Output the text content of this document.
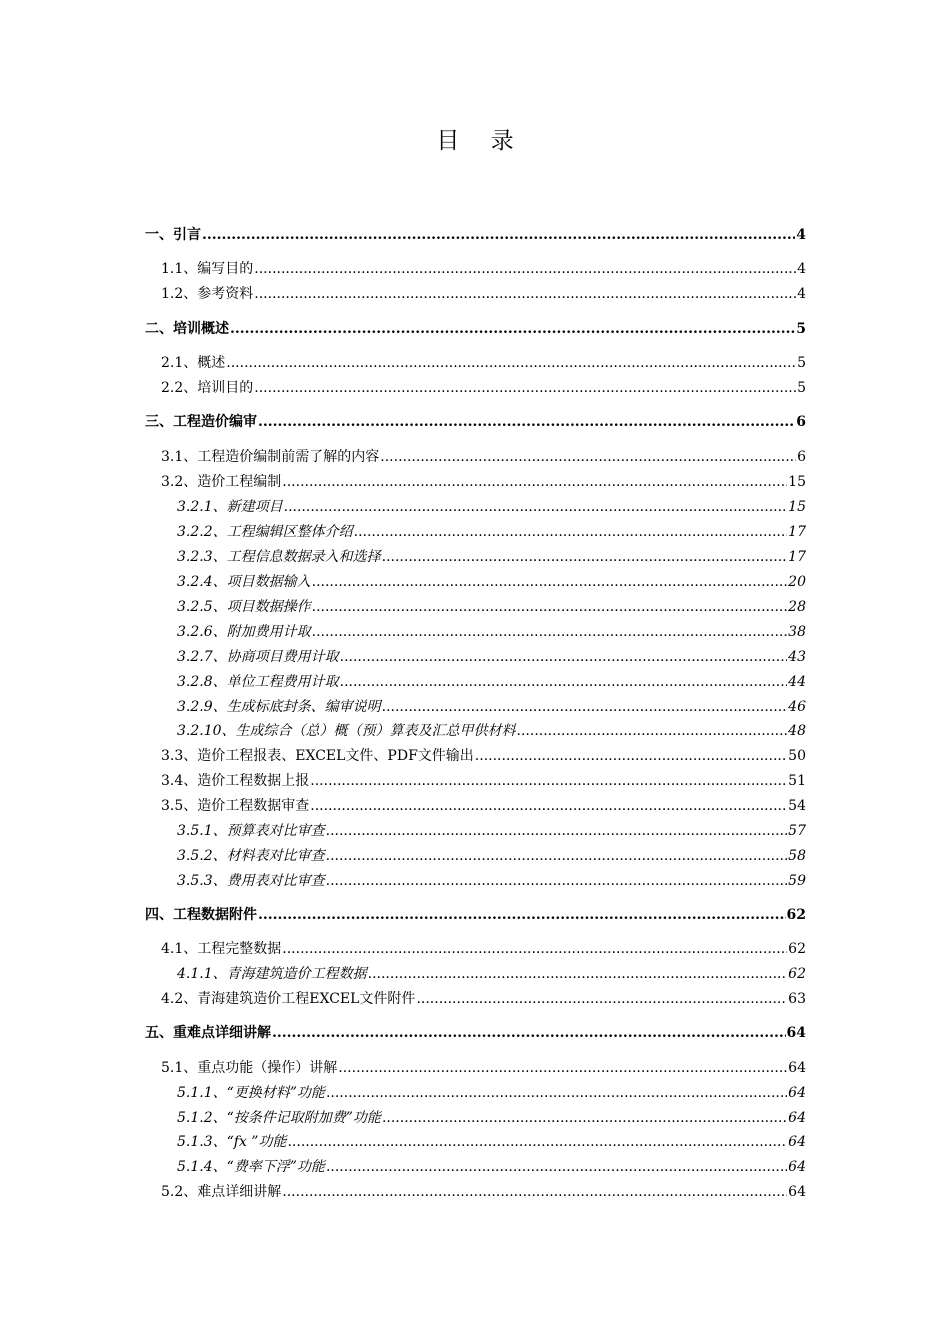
目 录
一、引言 .....	4
1.1、编写目的 .....	4
1.2、参考资料 .....	4
二、培训概述 .....	5
2.1、概述 .....	5
2.2、培训目的 .....	5
三、工程造价编审 .....	6
3.1、工程造价编制前需了解的内容 .....	6
3.2、造价工程编制 .....	15
3.2.1、新建项目 .....	15
3.2.2、工程编辑区整体介绍 .....	17
3.2.3、工程信息数据录入和选择 .....	17
3.2.4、项目数据输入 .....	20
3.2.5、项目数据操作 .....	28
3.2.6、附加费用计取 .....	38
3.2.7、协商项目费用计取 .....	43
3.2.8、单位工程费用计取 .....	44
3.2.9、生成标底封条、编审说明 .....	46
3.2.10、生成综合（总）概（预）算表及汇总甲供材料 .....	48
3.3、造价工程报表、EXCEL文件、PDF文件输出 .....	50
3.4、造价工程数据上报 .....	51
3.5、造价工程数据审查 .....	54
3.5.1、预算表对比审查 .....	57
3.5.2、材料表对比审查 .....	58
3.5.3、费用表对比审查 .....	59
四、工程数据附件 .....	62
4.1、工程完整数据 .....	62
4.1.1、青海建筑造价工程数据 .....	62
4.2、青海建筑造价工程EXCEL文件附件 .....	63
五、重难点详细讲解 .....	64
5.1、重点功能（操作）讲解 .....	64
5.1.1、“更换材料”功能 .....	64
5.1.2、“按条件记取附加费”功能 .....	64
5.1.3、“fx ”功能 .....	64
5.1.4、“费率下浮”功能 .....	64
5.2、难点详细讲解 .....	64
